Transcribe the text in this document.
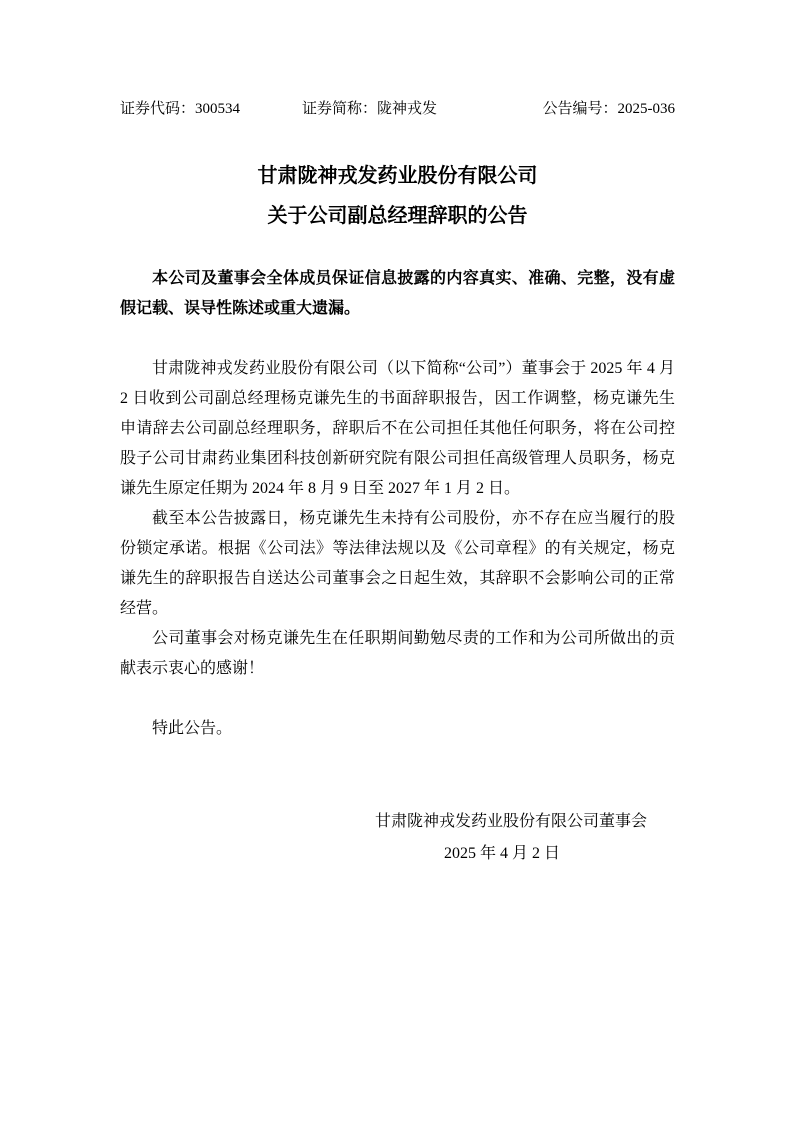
证券代码：300534	证券简称：陇神戎发	公告编号：2025-036
甘肃陇神戎发药业股份有限公司
关于公司副总经理辞职的公告

本公司及董事会全体成员保证信息披露的内容真实、准确、完整，没有虚假记载、误导性陈述或重大遗漏。

甘肃陇神戎发药业股份有限公司（以下简称“公司”）董事会于 2025 年 4 月 2 日收到公司副总经理杨克谦先生的书面辞职报告，因工作调整，杨克谦先生申请辞去公司副总经理职务，辞职后不在公司担任其他任何职务，将在公司控股子公司甘肃药业集团科技创新研究院有限公司担任高级管理人员职务，杨克谦先生原定任期为 2024 年 8 月 9 日至 2027 年 1 月 2 日。

截至本公告披露日，杨克谦先生未持有公司股份，亦不存在应当履行的股份锁定承诺。根据《公司法》等法律法规以及《公司章程》的有关规定，杨克谦先生的辞职报告自送达公司董事会之日起生效，其辞职不会影响公司的正常经营。

公司董事会对杨克谦先生在任职期间勤勉尽责的工作和为公司所做出的贡献表示衷心的感谢！

特此公告。

甘肃陇神戎发药业股份有限公司董事会
2025 年 4 月 2 日
